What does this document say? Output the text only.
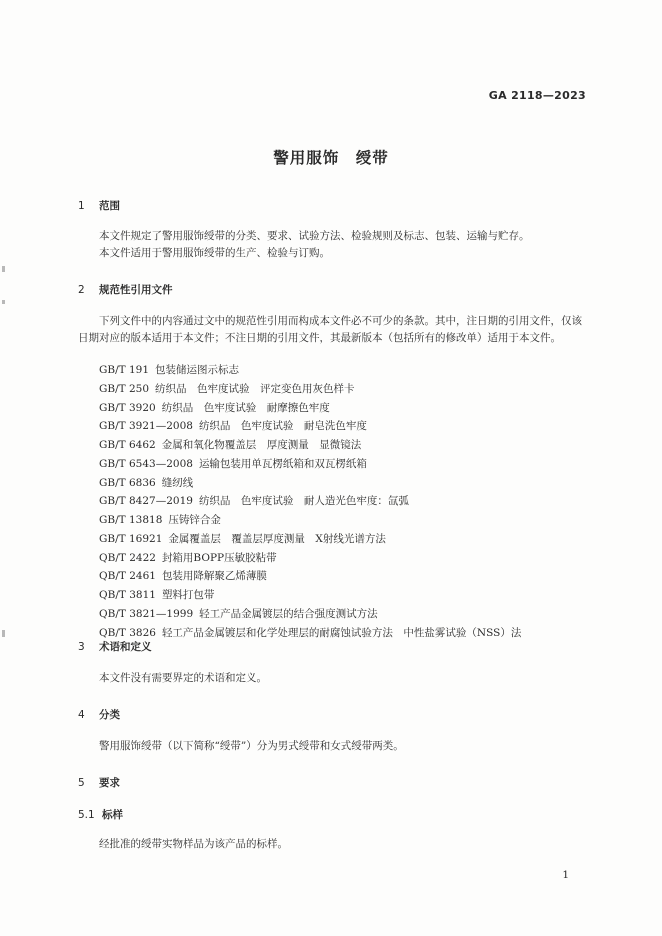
GA 2118—2023
警用服饰　绶带
1 范围
本文件规定了警用服饰绶带的分类、要求、试验方法、检验规则及标志、包装、运输与贮存。
本文件适用于警用服饰绶带的生产、检验与订购。
2 规范性引用文件
下列文件中的内容通过文中的规范性引用而构成本文件必不可少的条款。其中，注日期的引用文件，仅该日期对应的版本适用于本文件；不注日期的引用文件，其最新版本（包括所有的修改单）适用于本文件。
GB/T 191 包装储运图示标志
GB/T 250 纺织品　色牢度试验　评定变色用灰色样卡
GB/T 3920 纺织品　色牢度试验　耐摩擦色牢度
GB/T 3921—2008 纺织品　色牢度试验　耐皂洗色牢度
GB/T 6462 金属和氧化物覆盖层　厚度测量　显微镜法
GB/T 6543—2008 运输包装用单瓦楞纸箱和双瓦楞纸箱
GB/T 6836 缝纫线
GB/T 8427—2019 纺织品　色牢度试验　耐人造光色牢度：氙弧
GB/T 13818 压铸锌合金
GB/T 16921 金属覆盖层　覆盖层厚度测量　X射线光谱方法
QB/T 2422 封箱用BOPP压敏胶粘带
QB/T 2461 包装用降解聚乙烯薄膜
QB/T 3811 塑料打包带
QB/T 3821—1999 轻工产品金属镀层的结合强度测试方法
QB/T 3826 轻工产品金属镀层和化学处理层的耐腐蚀试验方法　中性盐雾试验（NSS）法
3 术语和定义
本文件没有需要界定的术语和定义。
4 分类
警用服饰绶带（以下简称“绶带”）分为男式绶带和女式绶带两类。
5 要求
5.1 标样
经批准的绶带实物样品为该产品的标样。
1
